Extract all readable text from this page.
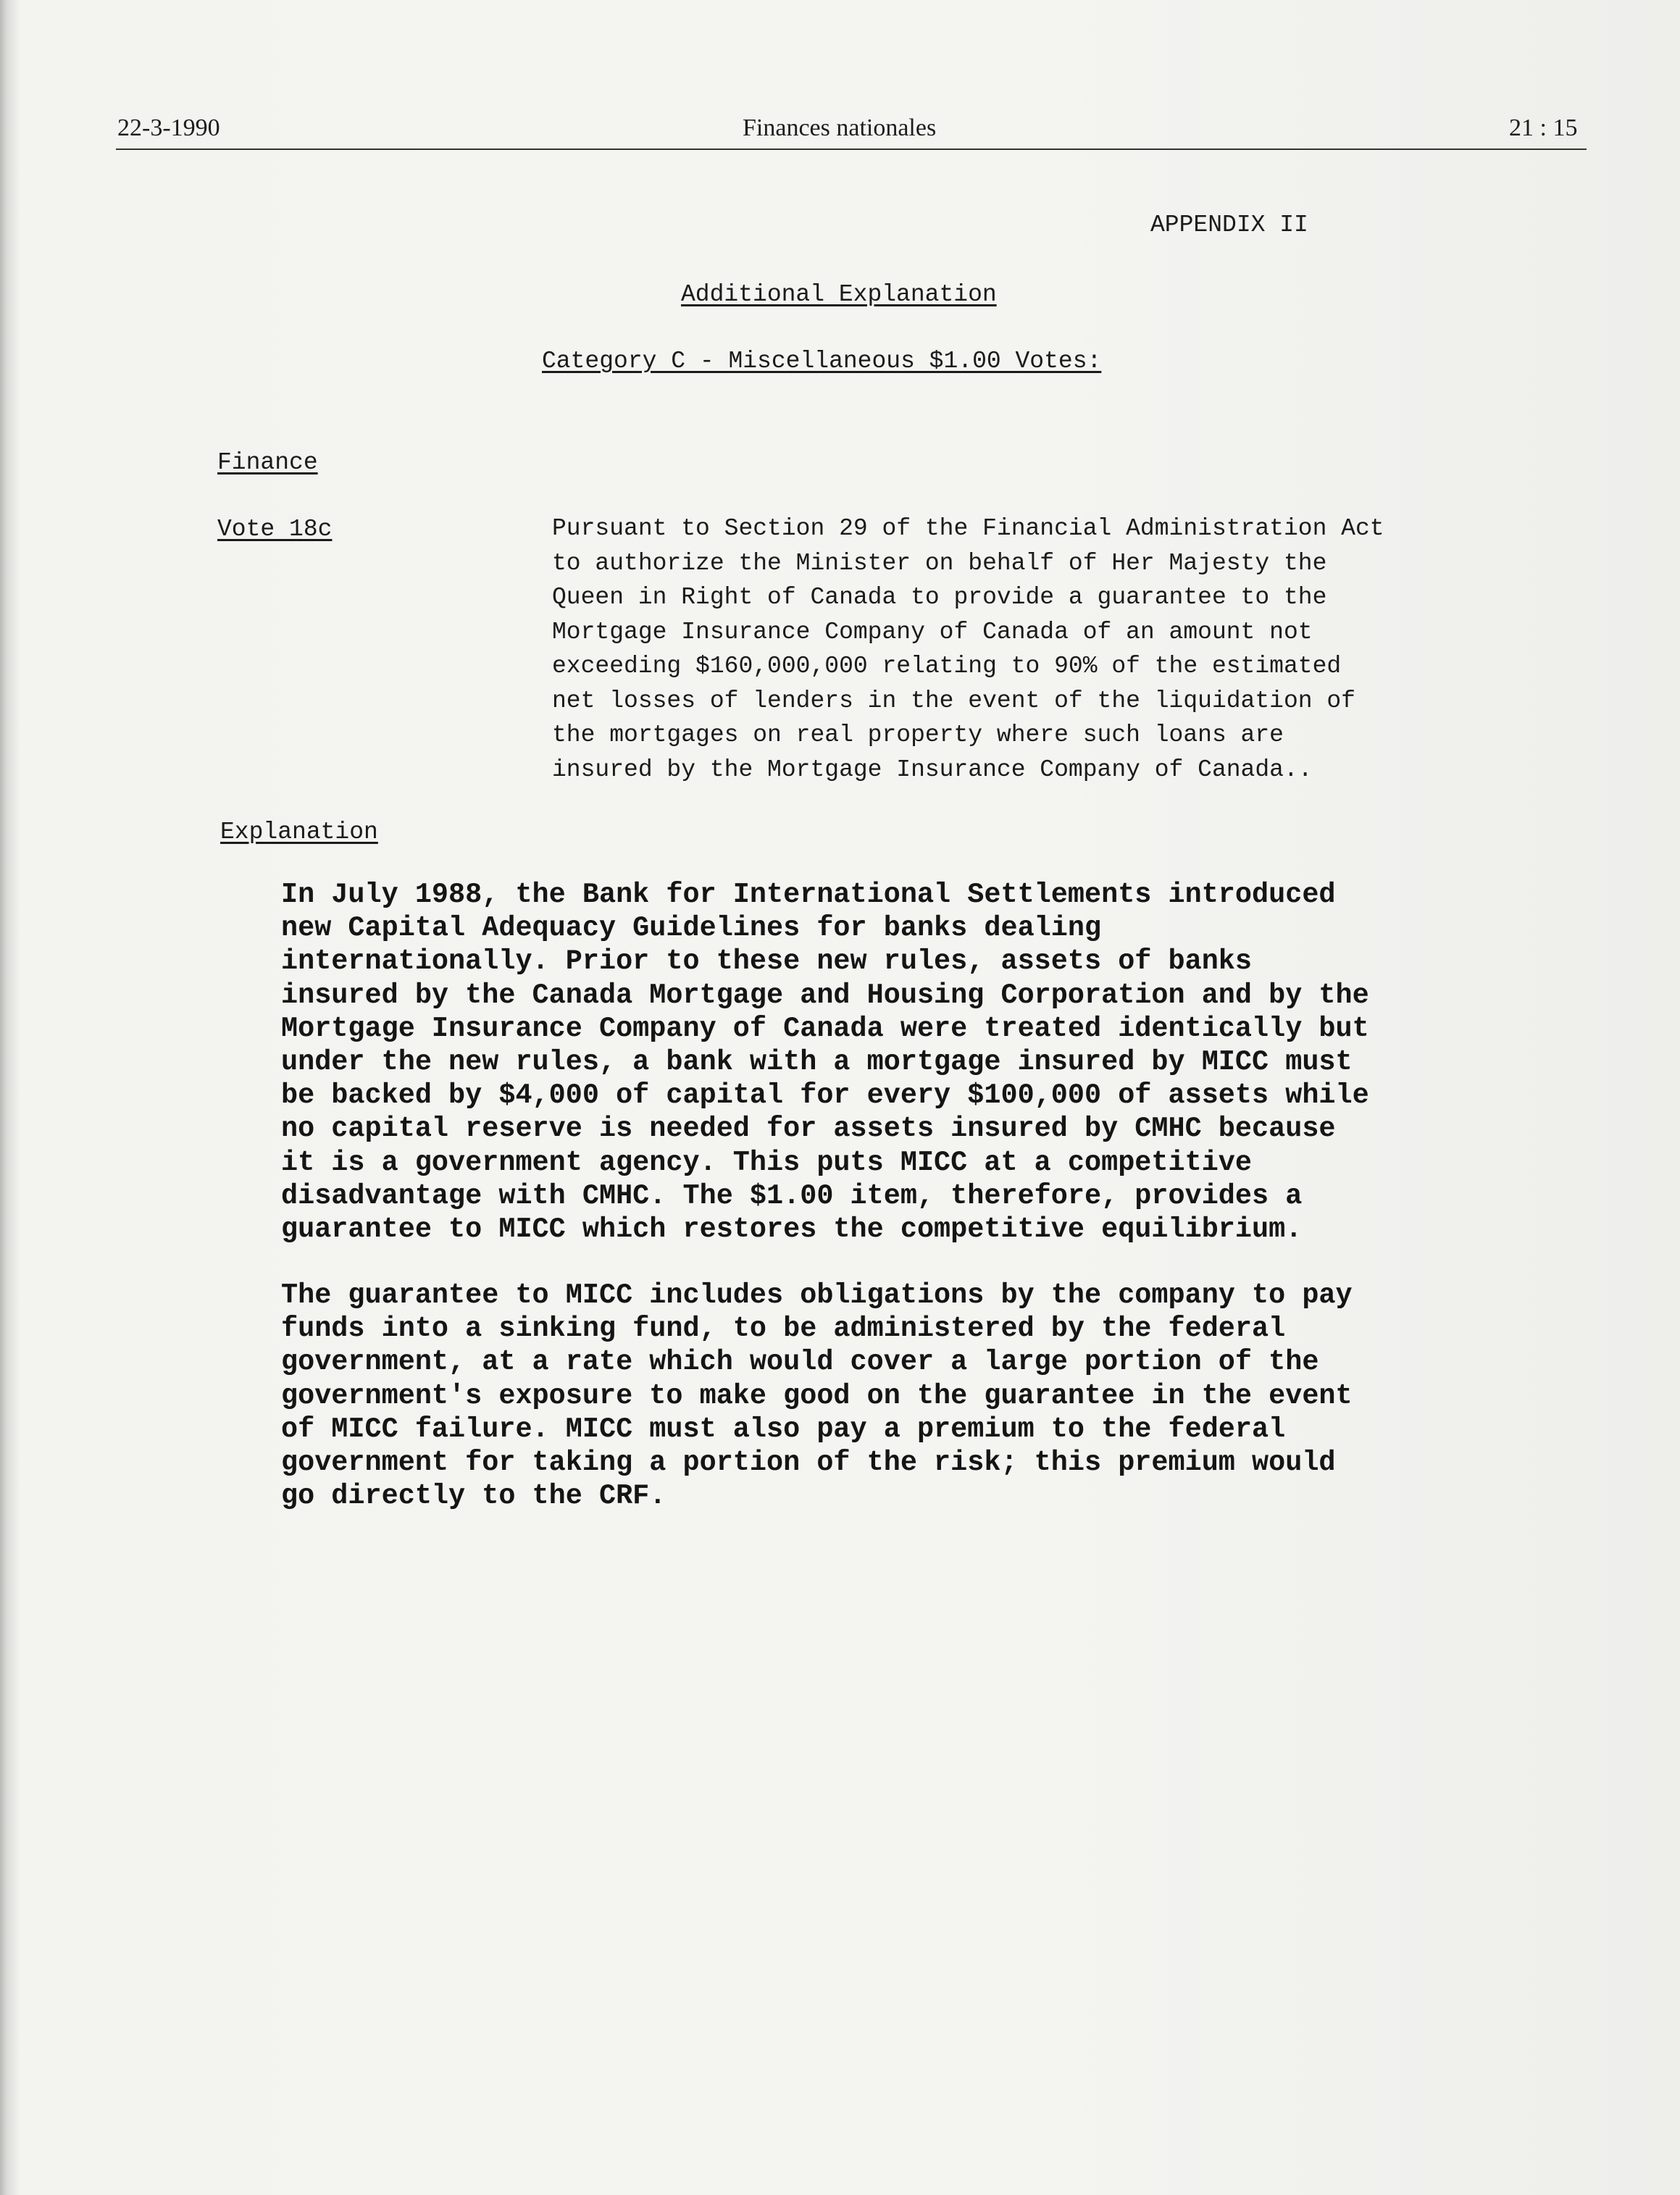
22-3-1990	Finances nationales	21 : 15
APPENDIX II
Additional Explanation
Category C - Miscellaneous $1.00 Votes:
Finance
Vote 18c	Pursuant to Section 29 of the Financial Administration Act
to authorize the Minister on behalf of Her Majesty the
Queen in Right of Canada to provide a guarantee to the
Mortgage Insurance Company of Canada of an amount not
exceeding $160,000,000 relating to 90% of the estimated
net losses of lenders in the event of the liquidation of
the mortgages on real property where such loans are
insured by the Mortgage Insurance Company of Canada..
Explanation
In July 1988, the Bank for International Settlements introduced
new Capital Adequacy Guidelines for banks dealing
internationally. Prior to these new rules, assets of banks
insured by the Canada Mortgage and Housing Corporation and by the
Mortgage Insurance Company of Canada were treated identically but
under the new rules, a bank with a mortgage insured by MICC must
be backed by $4,000 of capital for every $100,000 of assets while
no capital reserve is needed for assets insured by CMHC because
it is a government agency. This puts MICC at a competitive
disadvantage with CMHC. The $1.00 item, therefore, provides a
guarantee to MICC which restores the competitive equilibrium.
The guarantee to MICC includes obligations by the company to pay
funds into a sinking fund, to be administered by the federal
government, at a rate which would cover a large portion of the
government's exposure to make good on the guarantee in the event
of MICC failure. MICC must also pay a premium to the federal
government for taking a portion of the risk; this premium would
go directly to the CRF.
